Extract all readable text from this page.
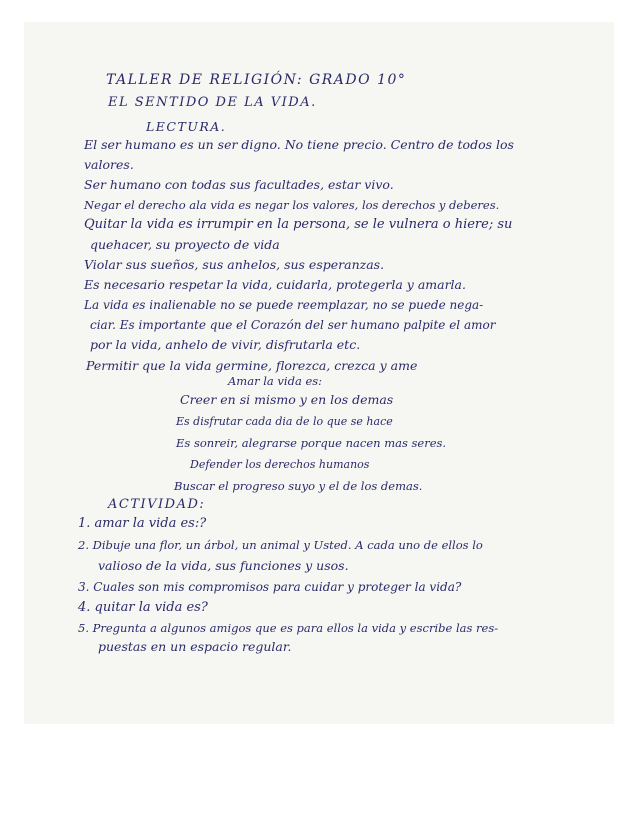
TALLER DE RELIGIÓN: GRADO 10°
EL SENTIDO DE LA VIDA.
LECTURA.
El ser humano es un ser digno. No tiene precio. Centro de todos los
valores.
Ser humano con todas sus facultades, estar vivo.
Negar el derecho ala vida es negar los valores, los derechos y deberes.
Quitar la vida es irrumpir en la persona, se le vulnera o hiere; su
quehacer, su proyecto de vida
Violar sus sueños, sus anhelos, sus esperanzas.
Es necesario respetar la vida, cuidarla, protegerla y amarla.
La vida es inalienable no se puede reemplazar, no se puede nega-
ciar. Es importante que el Corazón del ser humano palpite el amor
por la vida, anhelo de vivir, disfrutarla etc.
Permitir que la vida germine, florezca, crezca y ame
Amar la vida es:
Creer en si mismo y en los demas
Es disfrutar cada dia de lo que se hace
Es sonreir, alegrarse porque nacen mas seres.
Defender los derechos humanos
Buscar el progreso suyo y el de los demas.
ACTIVIDAD:
1. amar la vida es:?
2. Dibuje una flor, un árbol, un animal y Usted. A cada uno de ellos lo
valioso de la vida, sus funciones y usos.
3. Cuales son mis compromisos para cuidar y proteger la vida?
4. quitar la vida es?
5. Pregunta a algunos amigos que es para ellos la vida y escribe las res-
puestas en un espacio regular.
